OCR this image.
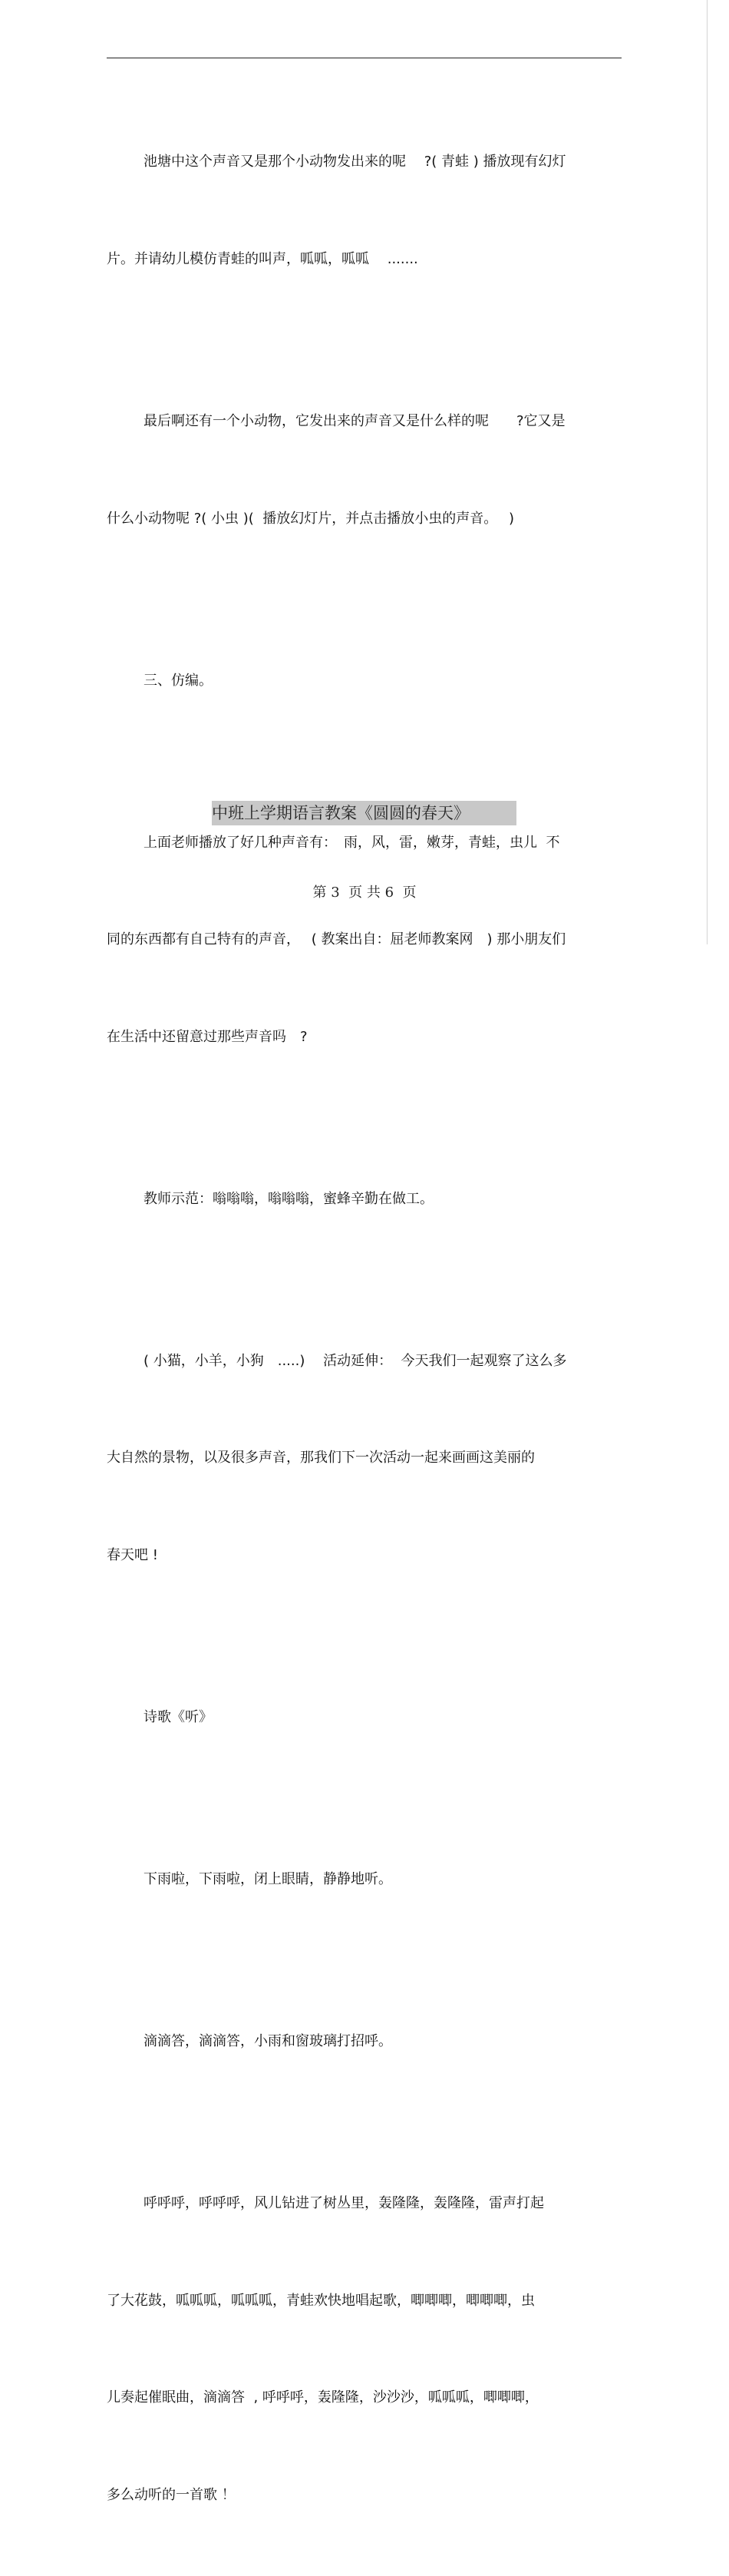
池塘中这个声音又是那个小动物发出来的呢　 ?( 青蛙 ) 播放现有幻灯

片。并请幼儿模仿青蛙的叫声，呱呱，呱呱　 .......

最后啊还有一个小动物，它发出来的声音又是什么样的呢　　?它又是

什么小动物呢 ?( 小虫 )(  播放幻灯片，并点击播放小虫的声音。　 )

三、仿编。

上面老师播放了好几种声音有：　雨，风，雷，嫩芽，青蛙，虫儿  不

同的东西都有自己特有的声音，　 ( 教案出自：屈老师教案网　) 那小朋友们

在生活中还留意过那些声音吗　?

教师示范：嗡嗡嗡，嗡嗡嗡，蜜蜂辛勤在做工。

( 小猫，小羊，小狗　.....)　 活动延伸：  今天我们一起观察了这么多

大自然的景物，以及很多声音，那我们下一次活动一起来画画这美丽的

春天吧 !

诗歌《听》

下雨啦，下雨啦，闭上眼睛，静静地听。

滴滴答，滴滴答，小雨和窗玻璃打招呼。

呼呼呼，呼呼呼，风儿钻进了树丛里，轰隆隆，轰隆隆，雷声打起

了大花鼓，呱呱呱，呱呱呱，青蛙欢快地唱起歌，唧唧唧，唧唧唧，虫

儿奏起催眠曲，滴滴答  , 呼呼呼，轰隆隆，沙沙沙，呱呱呱，唧唧唧，

多么动听的一首歌 ！

中班上学期语言教案《圆圆的春天》
第 3  页 共 6  页
